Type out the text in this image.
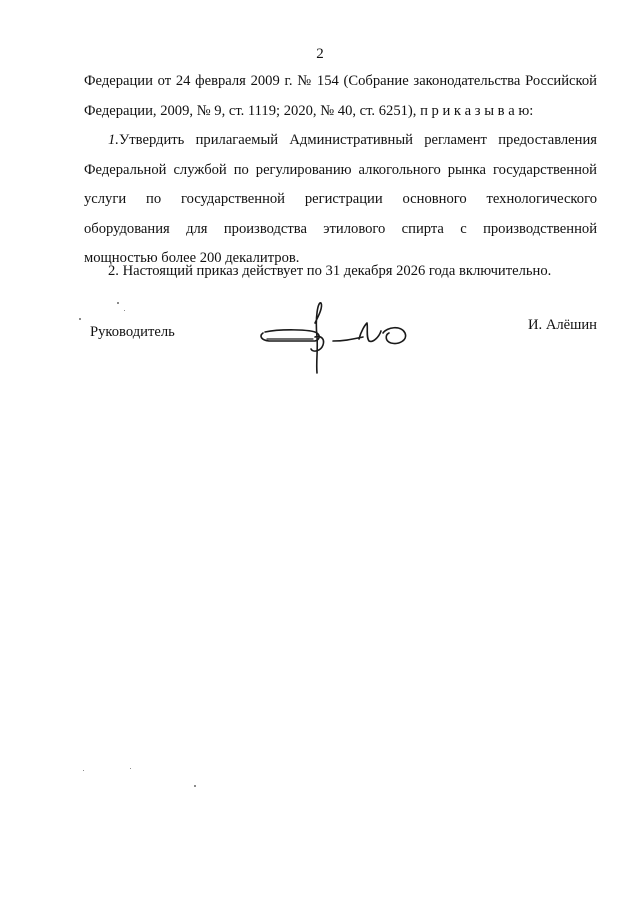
2
Федерации от 24 февраля 2009 г. № 154 (Собрание законодательства Российской Федерации, 2009, № 9, ст. 1119; 2020, № 40, ст. 6251), п р и к а з ы в а ю:
1.Утвердить прилагаемый Административный регламент предоставления Федеральной службой по регулированию алкогольного рынка государственной услуги по государственной регистрации основного технологического оборудования для производства этилового спирта с производственной мощностью более 200 декалитров.
2. Настоящий приказ действует по 31 декабря 2026 года включительно.
Руководитель	И. Алёшин
